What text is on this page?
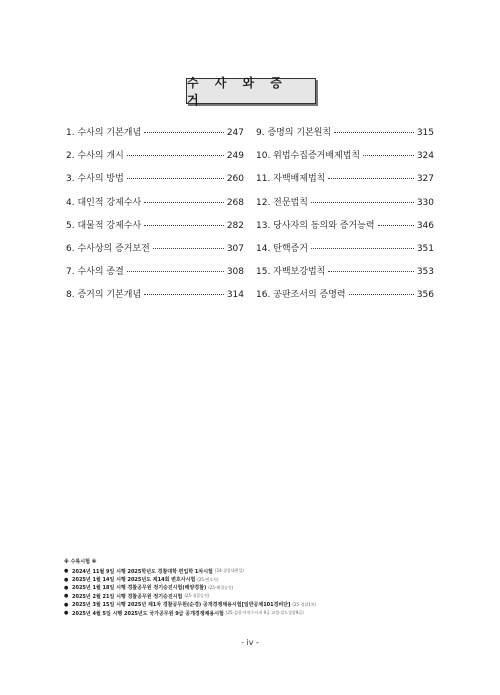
수 사 와 증 거
1. 수사의 기본개념	247
2. 수사의 개시	249
3. 수사의 방법	260
4. 대인적 강제수사	268
5. 대물적 강제수사	282
6. 수사상의 증거보전	307
7. 수사의 종결	308
8. 증거의 기본개념	314
9. 증명의 기본원칙	315
10. 위법수집증거배제법칙	324
11. 자백배제법칙	327
12. 전문법칙	330
13. 당사자의 동의와 증거능력	346
14. 탄핵증거	351
15. 자백보강법칙	353
16. 공판조서의 증명력	356
※ 수록시험 ※
● 2024년 11월 9일 시행 2025학년도 경찰대학 편입학 1차시험 (24-경찰대편입)
● 2025년 1월 14일 시행 2025년도 제14회 변호사시험 (25-변호사)
● 2025년 1월 18일 시행 경찰공무원 정기승진시험(해양경찰) (25-해경승진)
● 2025년 2월 21일 시행 경찰공무원 정기승진시험 (25-경찰승진)
● 2025년 3월 15일 시행 2025년 제1차 경찰공무원(순경) 공개경쟁채용시험[일반공채101경비단] (25-경찰1차)
● 2025년 4월 5일 시행 2025년도 국가공무원 9급 공개경쟁채용시험 (25-검찰·마약수사직 9급 교정·철도경찰9급)
- iv -
